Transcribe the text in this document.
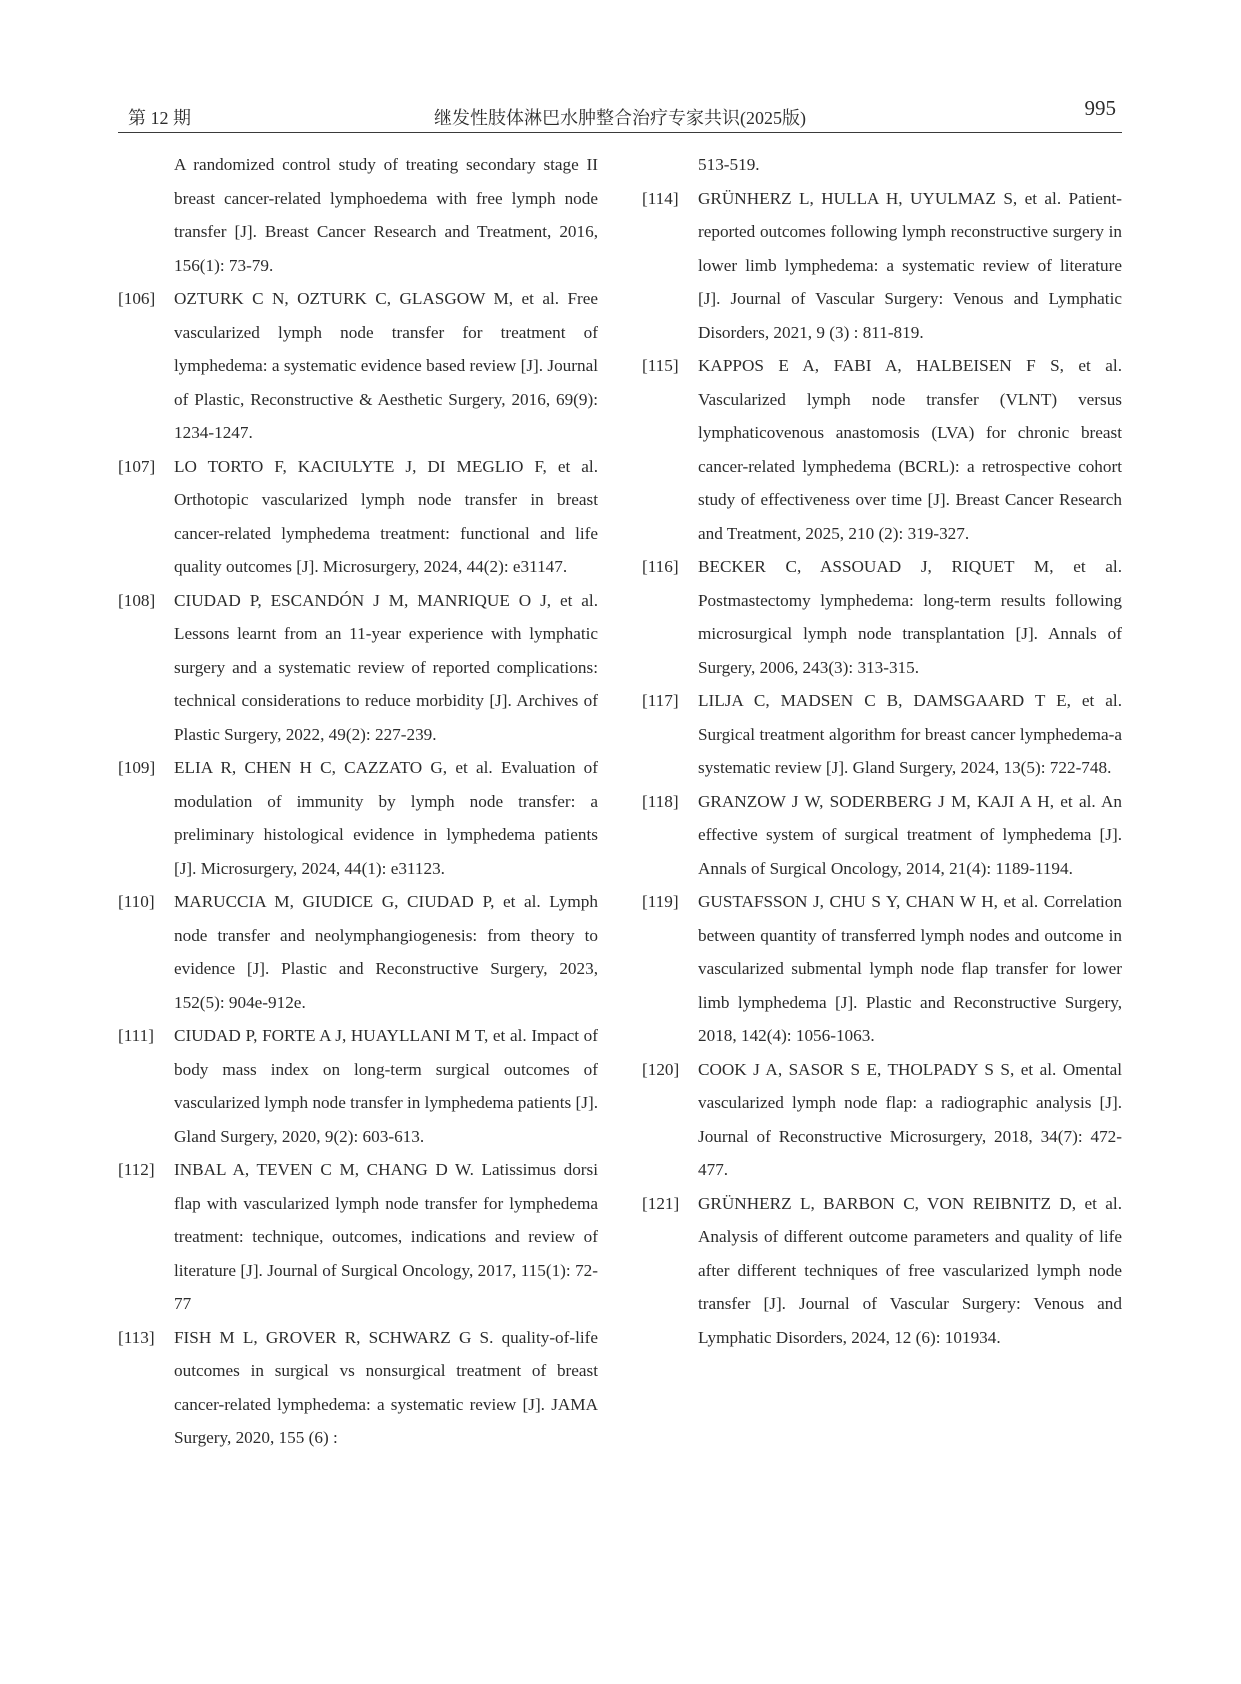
第 12 期	继发性肢体淋巴水肿整合治疗专家共识(2025版)	995

A randomized control study of treating secondary stage II breast cancer-related lymphoedema with free lymph node transfer [J]. Breast Cancer Research and Treatment, 2016, 156(1): 73-79.

[106]	OZTURK C N, OZTURK C, GLASGOW M, et al. Free vascularized lymph node transfer for treatment of lymphedema: a systematic evidence based review [J]. Journal of Plastic, Reconstructive & Aesthetic Surgery, 2016, 69(9): 1234-1247.

[107]	LO TORTO F, KACIULYTE J, DI MEGLIO F, et al. Orthotopic vascularized lymph node transfer in breast cancer-related lymphedema treatment: functional and life quality outcomes [J]. Microsurgery, 2024, 44(2): e31147.

[108]	CIUDAD P, ESCANDÓN J M, MANRIQUE O J, et al. Lessons learnt from an 11-year experience with lymphatic surgery and a systematic review of reported complications: technical considerations to reduce morbidity [J]. Archives of Plastic Surgery, 2022, 49(2): 227-239.

[109]	ELIA R, CHEN H C, CAZZATO G, et al. Evaluation of modulation of immunity by lymph node transfer: a preliminary histological evidence in lymphedema patients [J]. Microsurgery, 2024, 44(1): e31123.

[110]	MARUCCIA M, GIUDICE G, CIUDAD P, et al. Lymph node transfer and neolymphangiogenesis: from theory to evidence [J]. Plastic and Reconstructive Surgery, 2023, 152(5): 904e-912e.

[111]	CIUDAD P, FORTE A J, HUAYLLANI M T, et al. Impact of body mass index on long-term surgical outcomes of vascularized lymph node transfer in lymphedema patients [J]. Gland Surgery, 2020, 9(2): 603-613.

[112]	INBAL A, TEVEN C M, CHANG D W. Latissimus dorsi flap with vascularized lymph node transfer for lymphedema treatment: technique, outcomes, indications and review of literature [J]. Journal of Surgical Oncology, 2017, 115(1): 72-77

[113]	FISH M L, GROVER R, SCHWARZ G S. quality-of-life outcomes in surgical vs nonsurgical treatment of breast cancer-related lymphedema: a systematic review [J]. JAMA Surgery, 2020, 155 (6) :

513-519.

[114]	GRÜNHERZ L, HULLA H, UYULMAZ S, et al. Patient-reported outcomes following lymph reconstructive surgery in lower limb lymphedema: a systematic review of literature [J]. Journal of Vascular Surgery: Venous and Lymphatic Disorders, 2021, 9 (3) : 811-819.

[115]	KAPPOS E A, FABI A, HALBEISEN F S, et al. Vascularized lymph node transfer (VLNT) versus lymphaticovenous anastomosis (LVA) for chronic breast cancer-related lymphedema (BCRL): a retrospective cohort study of effectiveness over time [J]. Breast Cancer Research and Treatment, 2025, 210 (2): 319-327.

[116]	BECKER C, ASSOUAD J, RIQUET M, et al. Postmastectomy lymphedema: long-term results following microsurgical lymph node transplantation [J]. Annals of Surgery, 2006, 243(3): 313-315.

[117]	LILJA C, MADSEN C B, DAMSGAARD T E, et al. Surgical treatment algorithm for breast cancer lymphedema-a systematic review [J]. Gland Surgery, 2024, 13(5): 722-748.

[118]	GRANZOW J W, SODERBERG J M, KAJI A H, et al. An effective system of surgical treatment of lymphedema [J]. Annals of Surgical Oncology, 2014, 21(4): 1189-1194.

[119]	GUSTAFSSON J, CHU S Y, CHAN W H, et al. Correlation between quantity of transferred lymph nodes and outcome in vascularized submental lymph node flap transfer for lower limb lymphedema [J]. Plastic and Reconstructive Surgery, 2018, 142(4): 1056-1063.

[120]	COOK J A, SASOR S E, THOLPADY S S, et al. Omental vascularized lymph node flap: a radiographic analysis [J]. Journal of Reconstructive Microsurgery, 2018, 34(7): 472-477.

[121]	GRÜNHERZ L, BARBON C, VON REIBNITZ D, et al. Analysis of different outcome parameters and quality of life after different techniques of free vascularized lymph node transfer [J]. Journal of Vascular Surgery: Venous and Lymphatic Disorders, 2024, 12 (6): 101934.
